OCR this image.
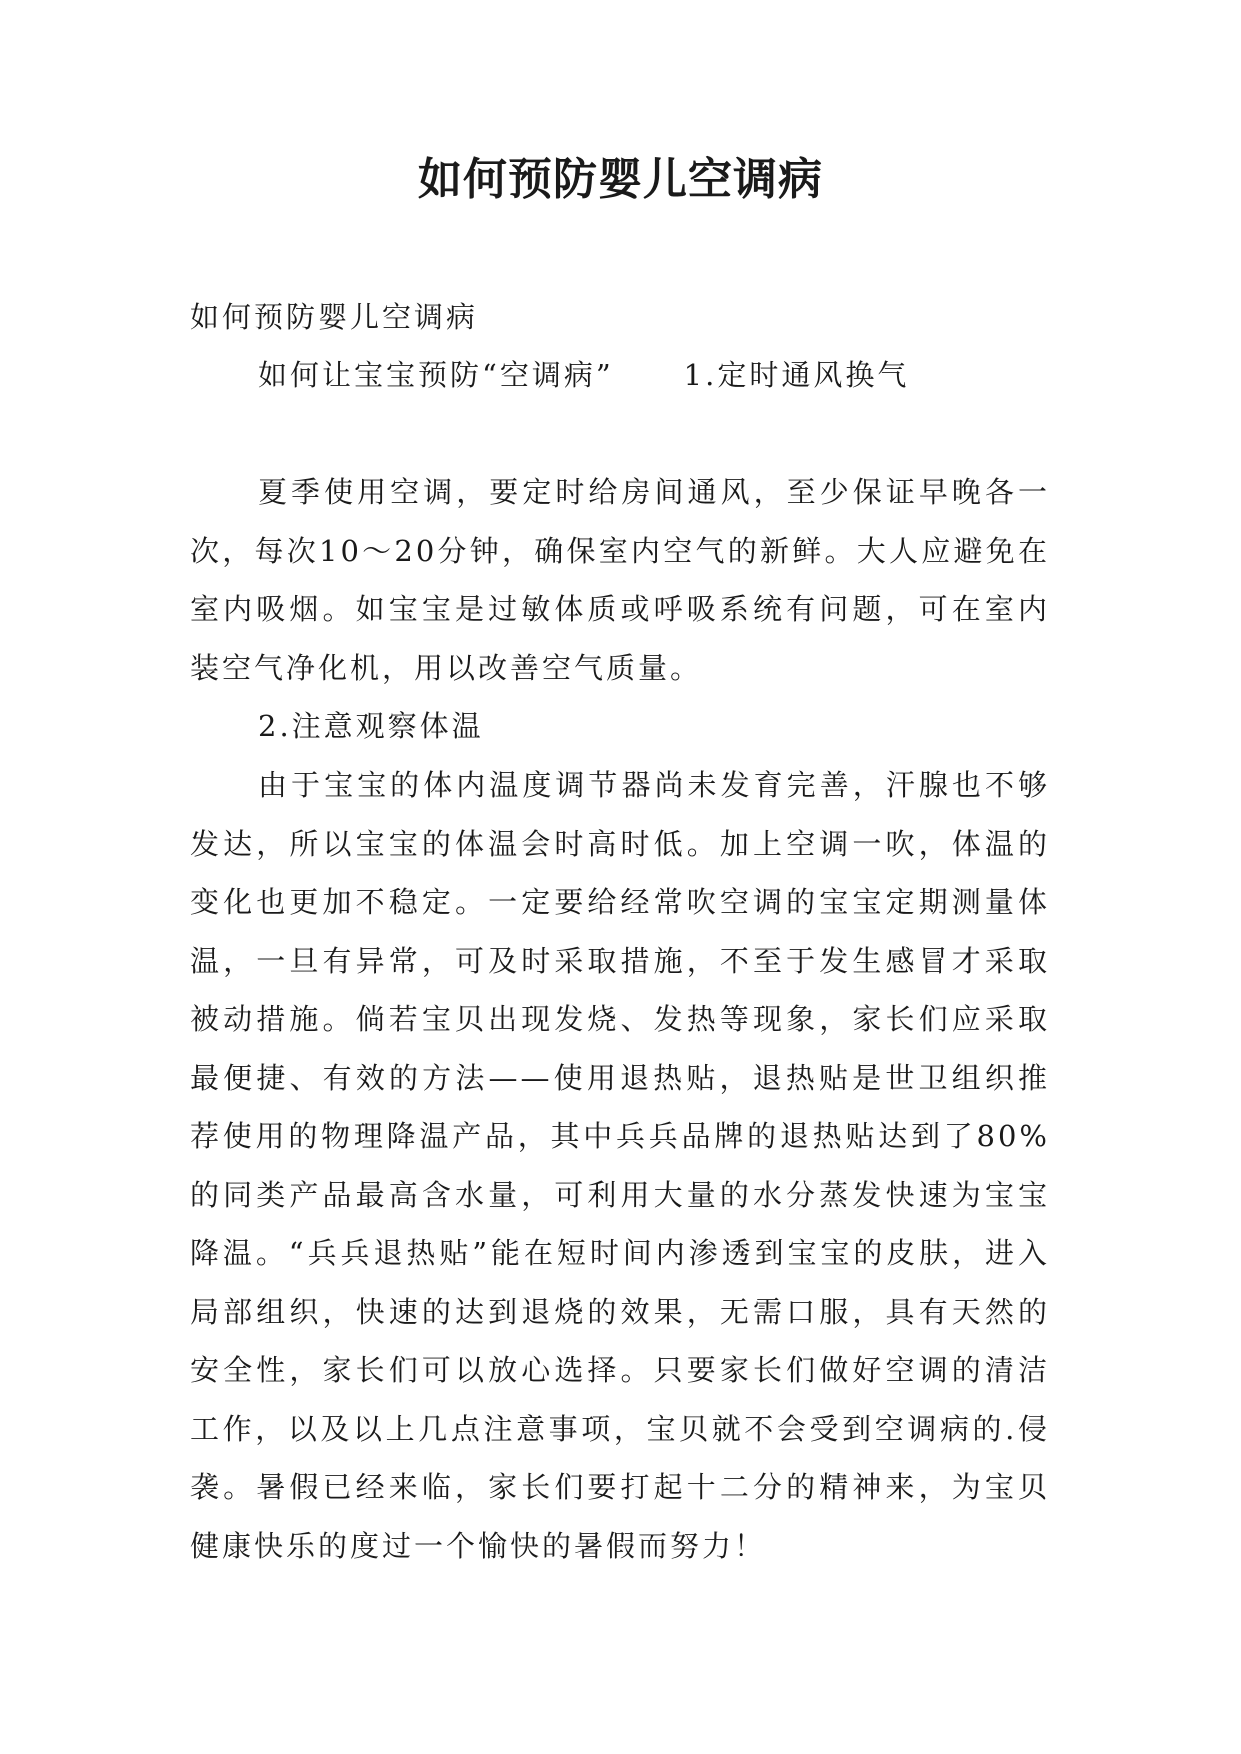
如何预防婴儿空调病

如何预防婴儿空调病

如何让宝宝预防“空调病” 1.定时通风换气

夏季使用空调，要定时给房间通风，至少保证早晚各一次，每次10～20分钟，确保室内空气的新鲜。大人应避免在室内吸烟。如宝宝是过敏体质或呼吸系统有问题，可在室内装空气净化机，用以改善空气质量。

2.注意观察体温

由于宝宝的体内温度调节器尚未发育完善，汗腺也不够发达，所以宝宝的体温会时高时低。加上空调一吹，体温的变化也更加不稳定。一定要给经常吹空调的宝宝定期测量体温，一旦有异常，可及时采取措施，不至于发生感冒才采取被动措施。倘若宝贝出现发烧、发热等现象，家长们应采取最便捷、有效的方法——使用退热贴，退热贴是世卫组织推荐使用的物理降温产品，其中兵兵品牌的退热贴达到了80%的同类产品最高含水量，可利用大量的水分蒸发快速为宝宝降温。“兵兵退热贴”能在短时间内渗透到宝宝的皮肤，进入局部组织，快速的达到退烧的效果，无需口服，具有天然的安全性，家长们可以放心选择。只要家长们做好空调的清洁工作，以及以上几点注意事项，宝贝就不会受到空调病的.侵袭。暑假已经来临，家长们要打起十二分的精神来，为宝贝健康快乐的度过一个愉快的暑假而努力！
